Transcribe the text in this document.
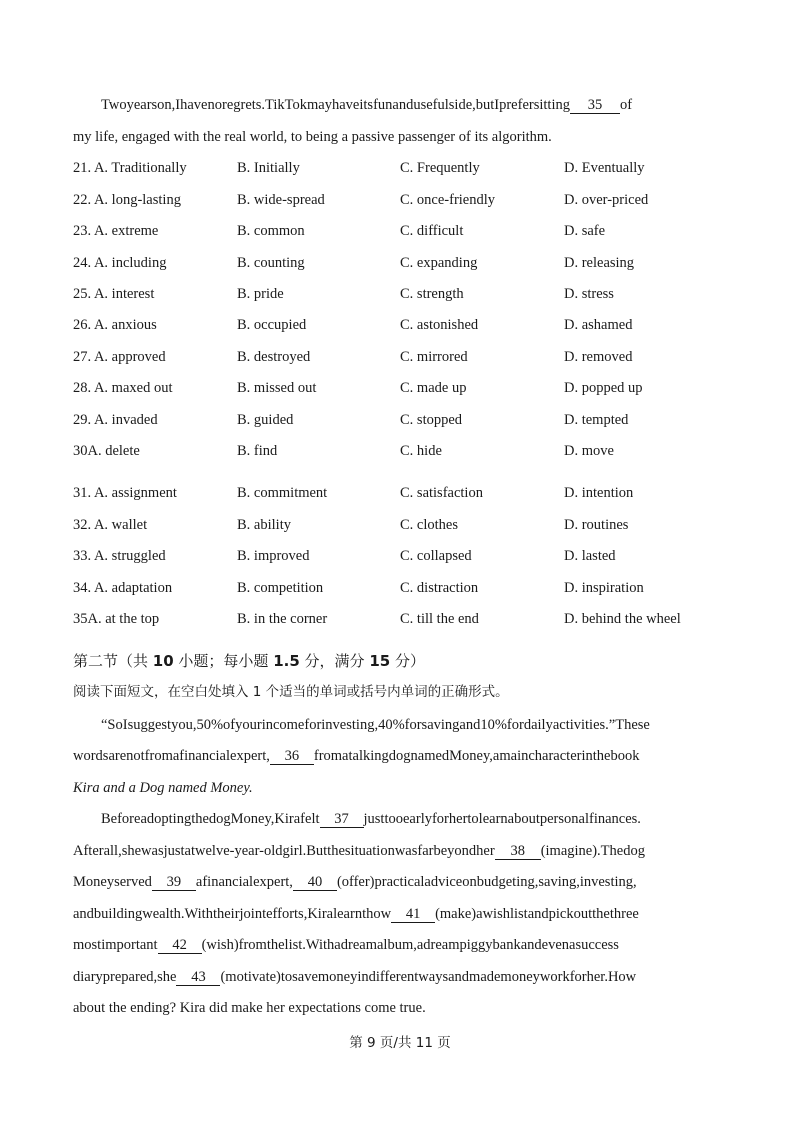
Twoyearson,Ihavenoregrets.TikTokmayhaveitsfunandusefulside,butIprefersitting 35 of
my life, engaged with the real world, to being a passive passenger of its algorithm.
21. A. Traditionally	B. Initially	C. Frequently	D. Eventually
22. A. long-lasting	B. wide-spread	C. once-friendly	D. over-priced
23. A. extreme	B. common	C. difficult	D. safe
24. A. including	B. counting	C. expanding	D. releasing
25. A. interest	B. pride	C. strength	D. stress
26. A. anxious	B. occupied	C. astonished	D. ashamed
27. A. approved	B. destroyed	C. mirrored	D. removed
28. A. maxed out	B. missed out	C. made up	D. popped up
29. A. invaded	B. guided	C. stopped	D. tempted
30A. delete	B. find	C. hide	D. move
31. A. assignment	B. commitment	C. satisfaction	D. intention
32. A. wallet	B. ability	C. clothes	D. routines
33. A. struggled	B. improved	C. collapsed	D. lasted
34. A. adaptation	B. competition	C. distraction	D. inspiration
35A. at the top	B. in the corner	C. till the end	D. behind the wheel
第二节（共 10 小题；每小题 1.5 分，满分 15 分）
阅读下面短文，在空白处填入 1 个适当的单词或括号内单词的正确形式。
“SoIsuggestyou,50%ofyourincomeforinvesting,40%forsavingand10%fordailyactivities.”These
wordsarenotfromafinancialexpert, 36 fromatalkingdognamedMoney,amaincharacterinthebook
Kira and a Dog named Money.
BeforeadoptingthedogMoney,Kirafelt 37 justtooearlyforhertolearnaboutpersonalfinances.
Afterall,shewasjustatwelve-year-oldgirl.Butthesituationwasfarbeyondher 38 (imagine).Thedog
Moneyserved 39 afinancialexpert, 40 (offer)practicaladviceonbudgeting,saving,investing,
andbuildingwealth.Withtheirjointefforts,Kiralearnthow 41 (make)awishlistandpickoutthethree
mostimportant 42 (wish)fromthelist.Withadreamalbum,adreampiggybankandevenasuccess
diaryprepared,she 43 (motivate)tosavemoneyindifferentwaysandmademoneyworkforher.How
about the ending? Kira did make her expectations come true.
第 9 页/共 11 页
